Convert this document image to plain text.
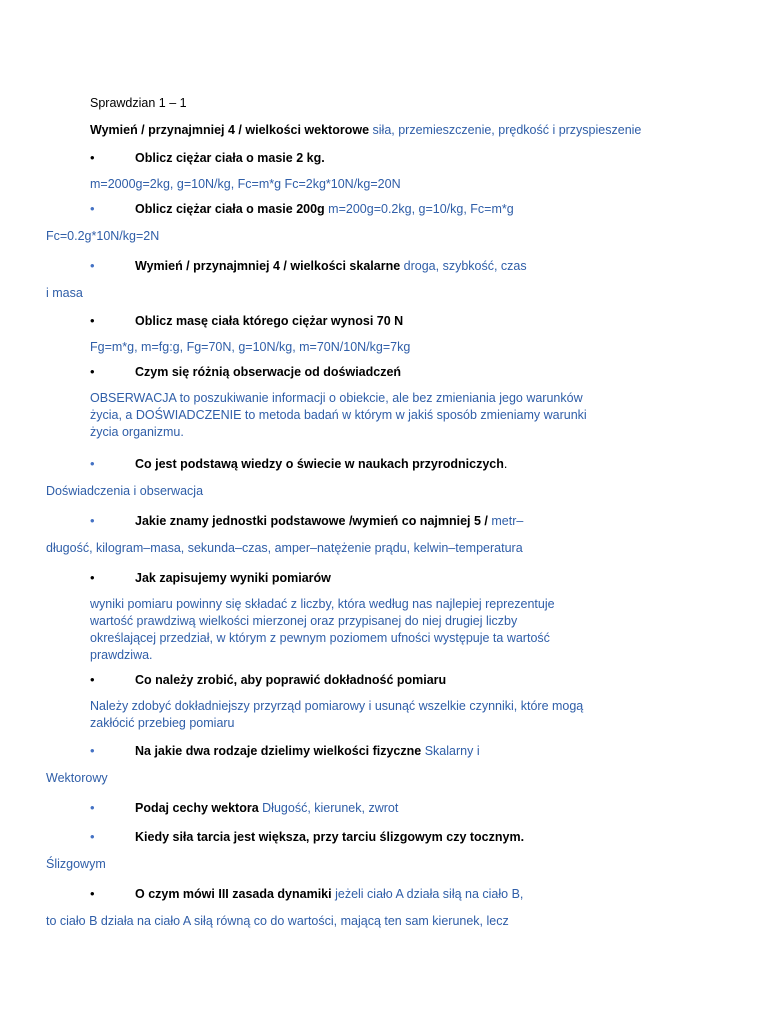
Sprawdzian 1 – 1
Wymień / przynajmniej 4 / wielkości wektorowe siła, przemieszczenie, prędkość i przyspieszenie
•	Oblicz ciężar ciała o masie 2 kg.
m=2000g=2kg, g=10N/kg, Fc=m*g Fc=2kg*10N/kg=20N
•	Oblicz ciężar ciała o masie 200g m=200g=0.2kg, g=10/kg, Fc=m*g
Fc=0.2g*10N/kg=2N
•	Wymień / przynajmniej 4 / wielkości skalarne droga, szybkość, czas
i masa
•	Oblicz masę ciała którego ciężar wynosi 70 N
Fg=m*g, m=fg:g, Fg=70N, g=10N/kg, m=70N/10N/kg=7kg
•	Czym się różnią obserwacje od doświadczeń
OBSERWACJA to poszukiwanie informacji o obiekcie, ale bez zmieniania jego warunków
życia, a DOŚWIADCZENIE to metoda badań w którym w jakiś sposób zmieniamy warunki
życia organizmu.
•	Co jest podstawą wiedzy o świecie w naukach przyrodniczych.
Doświadczenia i obserwacja
•	Jakie znamy jednostki podstawowe /wymień co najmniej 5 / metr–
długość, kilogram–masa, sekunda–czas, amper–natężenie prądu, kelwin–temperatura
•	Jak zapisujemy wyniki pomiarów
wyniki pomiaru powinny się składać z liczby, która według nas najlepiej reprezentuje
wartość prawdziwą wielkości mierzonej oraz przypisanej do niej drugiej liczby
określającej przedział, w którym z pewnym poziomem ufności występuje ta wartość
prawdziwa.
•	Co należy zrobić, aby poprawić dokładność pomiaru
Należy zdobyć dokładniejszy przyrząd pomiarowy i usunąć wszelkie czynniki, które mogą
zakłócić przebieg pomiaru
•	Na jakie dwa rodzaje dzielimy wielkości fizyczne Skalarny i
Wektorowy
•	Podaj cechy wektora Długość, kierunek, zwrot
•	Kiedy siła tarcia jest większa, przy tarciu ślizgowym czy tocznym.
Ślizgowym
•	O czym mówi III zasada dynamiki jeżeli ciało A działa siłą na ciało B,
to ciało B działa na ciało A siłą równą co do wartości, mającą ten sam kierunek, lecz
